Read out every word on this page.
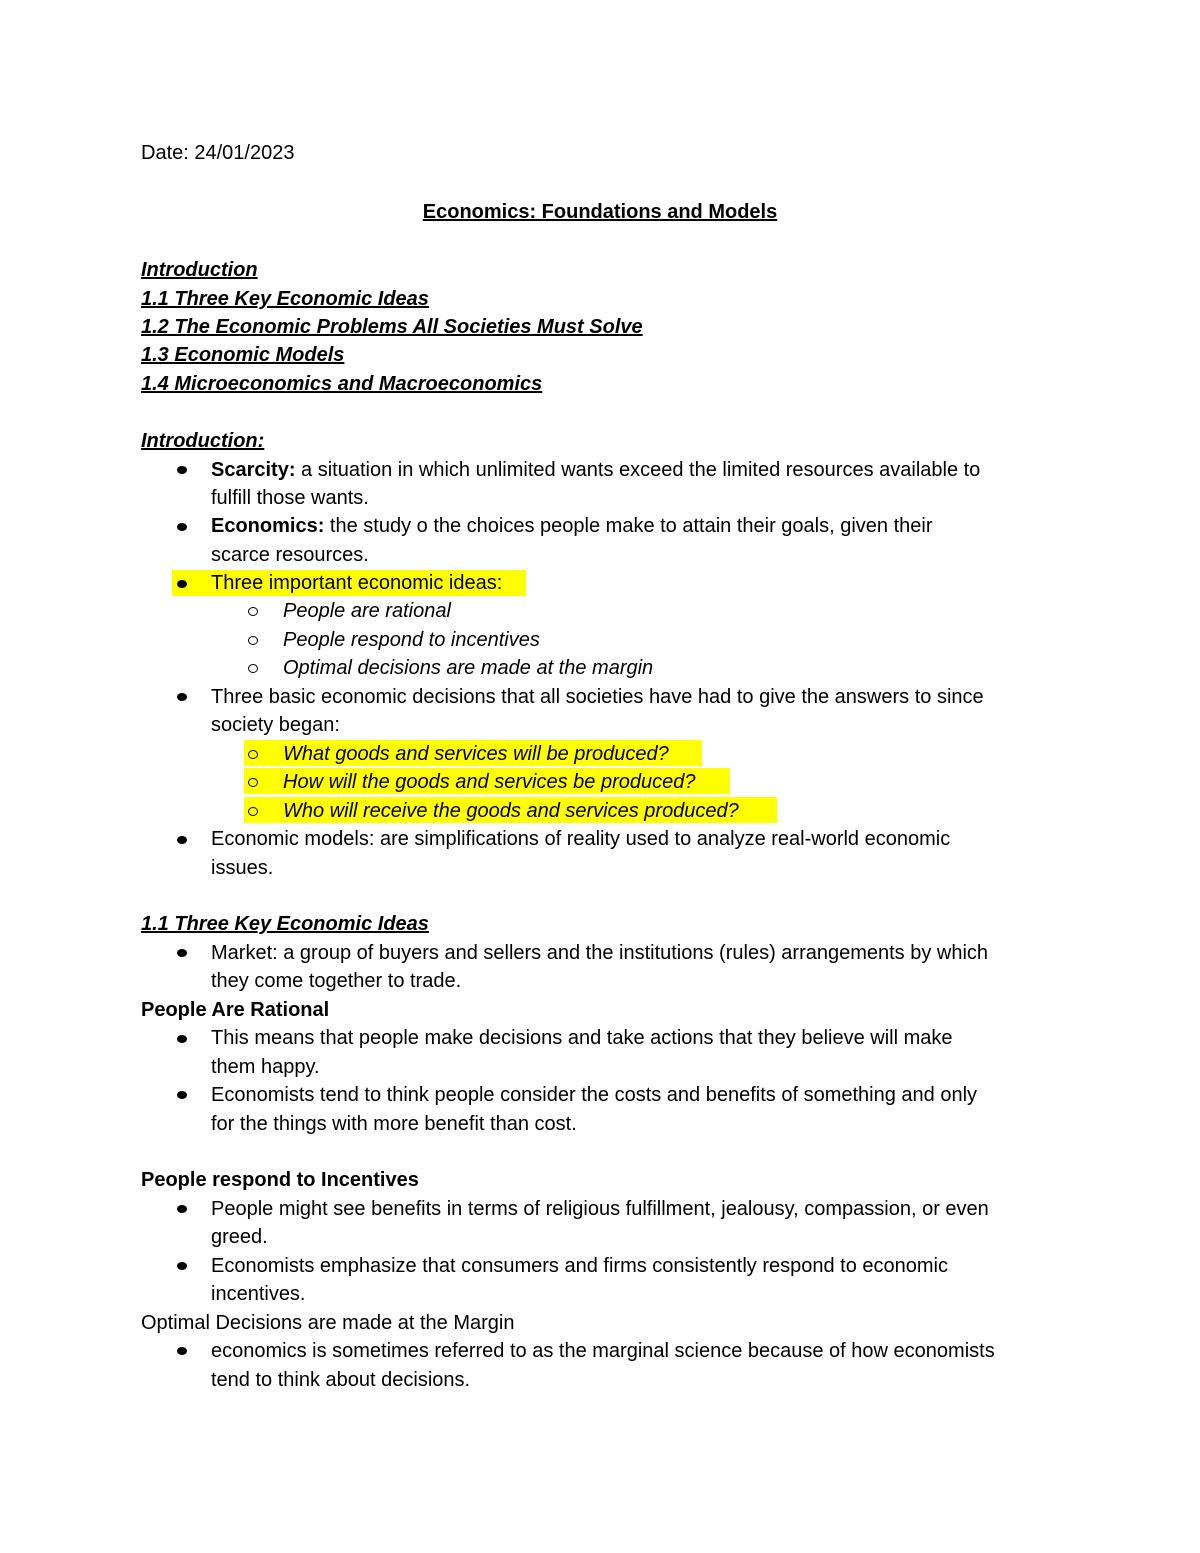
Date: 24/01/2023
Economics: Foundations and Models
Introduction
1.1 Three Key Economic Ideas
1.2 The Economic Problems All Societies Must Solve
1.3 Economic Models
1.4 Microeconomics and Macroeconomics
Introduction:
Scarcity: a situation in which unlimited wants exceed the limited resources available to
fulfill those wants.
Economics: the study o the choices people make to attain their goals, given their
scarce resources.
Three important economic ideas:
People are rational
People respond to incentives
Optimal decisions are made at the margin
Three basic economic decisions that all societies have had to give the answers to since
society began:
What goods and services will be produced?
How will the goods and services be produced?
Who will receive the goods and services produced?
Economic models: are simplifications of reality used to analyze real-world economic
issues.
1.1 Three Key Economic Ideas
Market: a group of buyers and sellers and the institutions (rules) arrangements by which
they come together to trade.
People Are Rational
This means that people make decisions and take actions that they believe will make
them happy.
Economists tend to think people consider the costs and benefits of something and only
for the things with more benefit than cost.
People respond to Incentives
People might see benefits in terms of religious fulfillment, jealousy, compassion, or even
greed.
Economists emphasize that consumers and firms consistently respond to economic
incentives.
Optimal Decisions are made at the Margin
economics is sometimes referred to as the marginal science because of how economists
tend to think about decisions.
